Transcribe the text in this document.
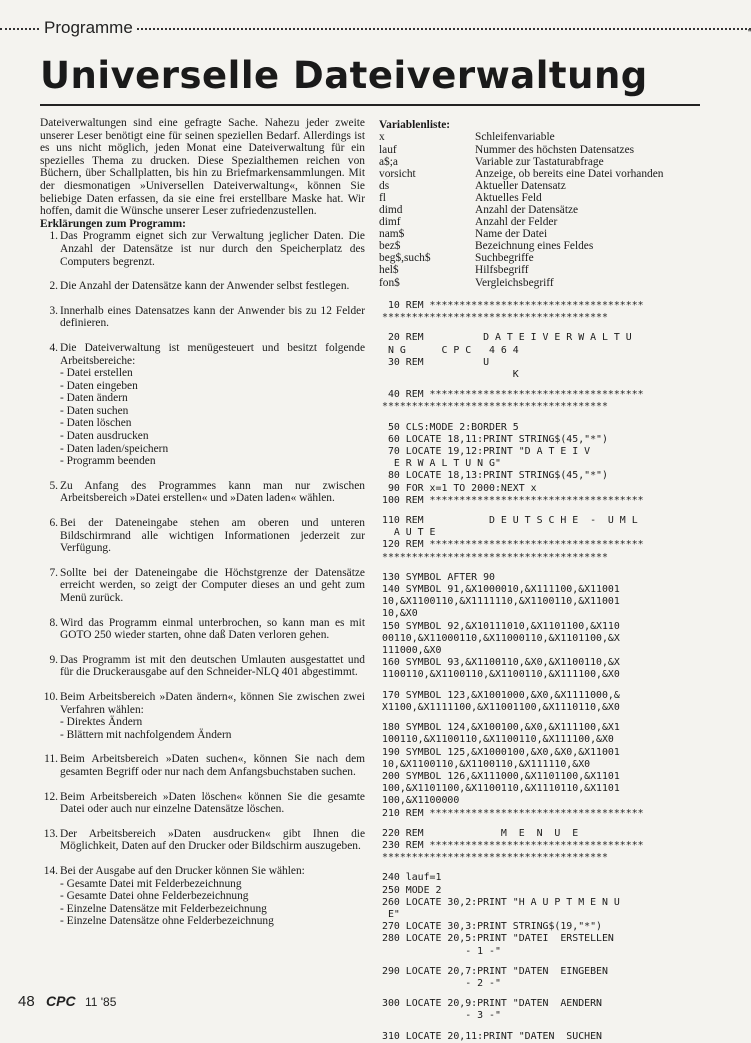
Programme	''''
Universelle Dateiverwaltung

Dateiverwaltungen sind eine gefragte Sache. Nahezu jeder zweite unserer Leser benötigt eine für seinen speziellen Bedarf. Allerdings ist es uns nicht möglich, jeden Monat eine Dateiverwaltung für ein spezielles Thema zu drucken. Diese Spezialthemen reichen von Büchern, über Schallplatten, bis hin zu Briefmarkensammlungen. Mit der diesmonatigen »Universellen Dateiverwaltung«, können Sie beliebige Daten erfassen, da sie eine frei erstellbare Maske hat. Wir hoffen, damit die Wünsche unserer Leser zufriedenzustellen.

Erklärungen zum Programm:
1. Das Programm eignet sich zur Verwaltung jeglicher Daten. Die Anzahl der Datensätze ist nur durch den Speicherplatz des Computers begrenzt.
2. Die Anzahl der Datensätze kann der Anwender selbst festlegen.
3. Innerhalb eines Datensatzes kann der Anwender bis zu 12 Felder definieren.
4. Die Dateiverwaltung ist menügesteuert und besitzt folgende Arbeitsbereiche:
- Datei erstellen
- Daten eingeben
- Daten ändern
- Daten suchen
- Daten löschen
- Daten ausdrucken
- Daten laden/speichern
- Programm beenden
5. Zu Anfang des Programmes kann man nur zwischen Arbeitsbereich »Datei erstellen« und »Daten laden« wählen.
6. Bei der Dateneingabe stehen am oberen und unteren Bildschirmrand alle wichtigen Informationen jederzeit zur Verfügung.
7. Sollte bei der Dateneingabe die Höchstgrenze der Datensätze erreicht werden, so zeigt der Computer dieses an und geht zum Menü zurück.
8. Wird das Programm einmal unterbrochen, so kann man es mit GOTO 250 wieder starten, ohne daß Daten verloren gehen.
9. Das Programm ist mit den deutschen Umlauten ausgestattet und für die Druckerausgabe auf den Schneider-NLQ 401 abgestimmt.
10. Beim Arbeitsbereich »Daten ändern«, können Sie zwischen zwei Verfahren wählen:
- Direktes Ändern
- Blättern mit nachfolgendem Ändern
11. Beim Arbeitsbereich »Daten suchen«, können Sie nach dem gesamten Begriff oder nur nach dem Anfangsbuchstaben suchen.
12. Beim Arbeitsbereich »Daten löschen« können Sie die gesamte Datei oder auch nur einzelne Datensätze löschen.
13. Der Arbeitsbereich »Daten ausdrucken« gibt Ihnen die Möglichkeit, Daten auf den Drucker oder Bildschirm auszugeben.
14. Bei der Ausgabe auf den Drucker können Sie wählen:
- Gesamte Datei mit Felderbezeichnung
- Gesamte Datei ohne Felderbezeichnung
- Einzelne Datensätze mit Felderbezeichnung
- Einzelne Datensätze ohne Felderbezeichnung

Variablenliste:

x	Schleifenvariable
lauf	Nummer des höchsten Datensatzes
a$;a	Variable zur Tastaturabfrage
vorsicht	Anzeige, ob bereits eine Datei vorhanden
ds	Aktueller Datensatz
fl	Aktuelles Feld
dimd	Anzahl der Datensätze
dimf	Anzahl der Felder
nam$	Name der Datei
bez$	Bezeichnung eines Feldes
beg$,such$	Suchbegriffe
hel$	Hilfsbegriff
fon$	Vergleichsbegriff
10 REM ************************************
**************************************
20 REM          D A T E I V E R W A L T U
N G      C P C   4 6 4
30 REM          U
K
40 REM ************************************
**************************************
50 CLS:MODE 2:BORDER 5
60 LOCATE 18,11:PRINT STRING$(45,"*")
70 LOCATE 19,12:PRINT "D A T E I V
E R W A L T U N G"
80 LOCATE 18,13:PRINT STRING$(45,"*")
90 FOR x=1 TO 2000:NEXT x
100 REM ************************************
110 REM           D E U T S C H E  -  U M L
A U T E
120 REM ************************************
**************************************
130 SYMBOL AFTER 90
140 SYMBOL 91,&X1000010,&X111100,&X11001
10,&X1100110,&X1111110,&X1100110,&X11001
10,&X0
150 SYMBOL 92,&X10111010,&X1101100,&X110
00110,&X11000110,&X11000110,&X1101100,&X
111000,&X0
160 SYMBOL 93,&X1100110,&X0,&X1100110,&X
1100110,&X1100110,&X1100110,&X111100,&X0
170 SYMBOL 123,&X1001000,&X0,&X1111000,&
X1100,&X1111100,&X11001100,&X1110110,&X0
180 SYMBOL 124,&X100100,&X0,&X111100,&X1
100110,&X1100110,&X1100110,&X111100,&X0
190 SYMBOL 125,&X1000100,&X0,&X0,&X11001
10,&X1100110,&X1100110,&X111110,&X0
200 SYMBOL 126,&X111000,&X1101100,&X1101
100,&X1101100,&X1100110,&X1110110,&X1101
100,&X1100000
210 REM ************************************
220 REM             M  E  N  U  E
230 REM ************************************
**************************************
240 lauf=1
250 MODE 2
260 LOCATE 30,2:PRINT "H A U P T M E N U
E"
270 LOCATE 30,3:PRINT STRING$(19,"*")
280 LOCATE 20,5:PRINT "DATEI  ERSTELLEN
- 1 -"
290 LOCATE 20,7:PRINT "DATEN  EINGEBEN
- 2 -"
300 LOCATE 20,9:PRINT "DATEN  AENDERN
- 3 -"
310 LOCATE 20,11:PRINT "DATEN  SUCHEN
48 CPC 11 '85
